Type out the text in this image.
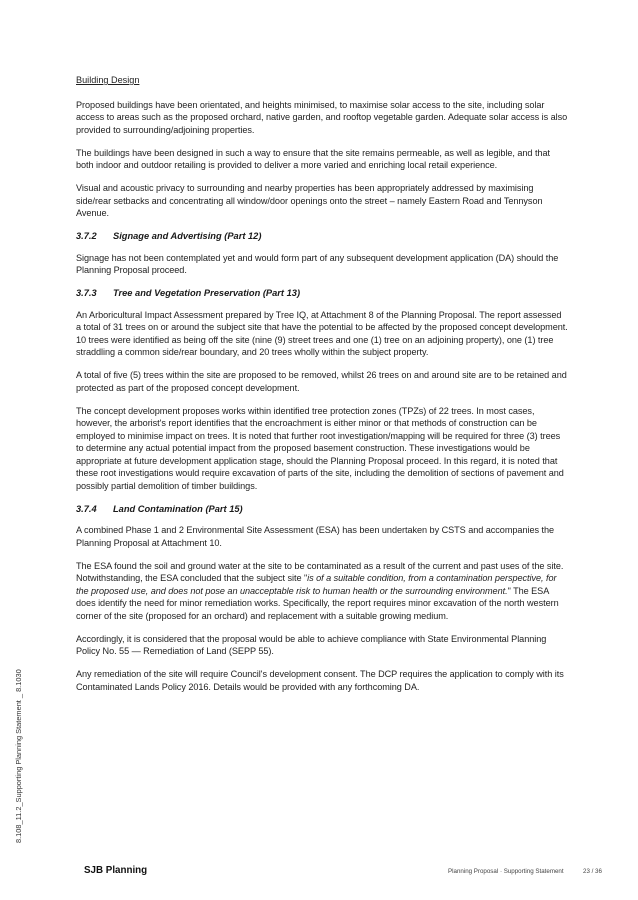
8.108_11.2_Supporting Planning Statement _ 8.1030
Building Design

Proposed buildings have been orientated, and heights minimised, to maximise solar access to the site, including solar access to areas such as the proposed orchard, native garden, and rooftop vegetable garden. Adequate solar access is also provided to surrounding/adjoining properties.

The buildings have been designed in such a way to ensure that the site remains permeable, as well as legible, and that both indoor and outdoor retailing is provided to deliver a more varied and enriching local retail experience.

Visual and acoustic privacy to surrounding and nearby properties has been appropriately addressed by maximising side/rear setbacks and concentrating all window/door openings onto the street – namely Eastern Road and Tennyson Avenue.

3.7.2 Signage and Advertising (Part 12)

Signage has not been contemplated yet and would form part of any subsequent development application (DA) should the Planning Proposal proceed.

3.7.3 Tree and Vegetation Preservation (Part 13)

An Arboricultural Impact Assessment prepared by Tree IQ, at Attachment 8 of the Planning Proposal. The report assessed a total of 31 trees on or around the subject site that have the potential to be affected by the proposed concept development. 10 trees were identified as being off the site (nine (9) street trees and one (1) tree on an adjoining property), one (1) tree straddling a common side/rear boundary, and 20 trees wholly within the subject property.

A total of five (5) trees within the site are proposed to be removed, whilst 26 trees on and around site are to be retained and protected as part of the proposed concept development.

The concept development proposes works within identified tree protection zones (TPZs) of 22 trees. In most cases, however, the arborist's report identifies that the encroachment is either minor or that methods of construction can be employed to minimise impact on trees. It is noted that further root investigation/mapping will be required for three (3) trees to determine any actual potential impact from the proposed basement construction. These investigations would be appropriate at future development application stage, should the Planning Proposal proceed. In this regard, it is noted that these root investigations would require excavation of parts of the site, including the demolition of sections of pavement and possibly partial demolition of timber buildings.

3.7.4 Land Contamination (Part 15)

A combined Phase 1 and 2 Environmental Site Assessment (ESA) has been undertaken by CSTS and accompanies the Planning Proposal at Attachment 10.

The ESA found the soil and ground water at the site to be contaminated as a result of the current and past uses of the site. Notwithstanding, the ESA concluded that the subject site "is of a suitable condition, from a contamination perspective, for the proposed use, and does not pose an unacceptable risk to human health or the surrounding environment." The ESA does identify the need for minor remediation works. Specifically, the report requires minor excavation of the north western corner of the site (proposed for an orchard) and replacement with a suitable growing medium.

Accordingly, it is considered that the proposal would be able to achieve compliance with State Environmental Planning Policy No. 55 — Remediation of Land (SEPP 55).

Any remediation of the site will require Council's development consent. The DCP requires the application to comply with its Contaminated Lands Policy 2016. Details would be provided with any forthcoming DA.

SJB Planning	Planning Proposal · Supporting Statement	23 / 36
